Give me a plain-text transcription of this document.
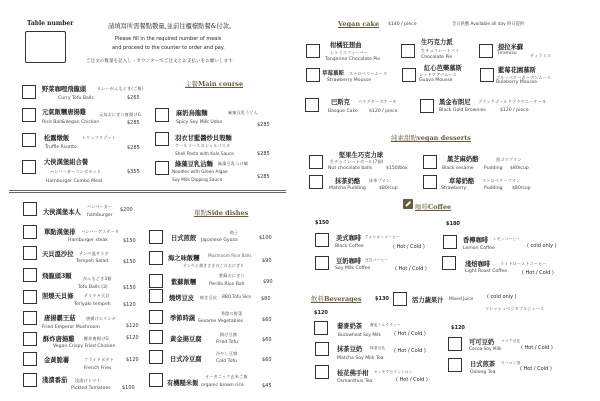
Table number	請填寫所需餐點數量,並前往櫃檯點餐&付款。
Please fill in the required number of meals
and proceed to the counter to order and pay.
ご注文の数量を記入し・カウンターでご注文とお支払いをお願いします
主餐Main course
野菜咖哩飛龍頭	カレーがんもどき(ご飯)
Curry Tofu Balls	$265
元氣飯糰唐揚雞	元気おにぎり唐揚げG
Rice Ball&Vegan Chicken	$285
松露燉飯	トリュフリゾット
Truffle Risotto	$285
大俠漢堡組合餐
ハンバーガーコンボセット
Hamburger Combo Meal
$355
麻奶烏龍麵	麻辣豆乳うどん
Spicy Soy Milk Udon	$285
羽衣甘藍醬炒貝殼麵
ケールソースのシェルパスタ
Shell Pasta with Kale Sauce	$285
綠藻豆乳沾麵 緑藻豆乳つけ麺
Noodles with Green Algae
Soy Milk Dipping Sauce
$285
單點Side dishes
大俠漢堡本人
ハンバーガー
hamburger
$200
單點漢堡排 ハンバーグステーキ
Hamburger steak	$150
天貝溫沙拉 テンペ温サラダ
Tempeh Salad	$150
飛龍頭3顆	がんもどき3個
Tofu Balls (3)	$150
照燒天貝條	テリヤキ天貝
Teriyaki tempeh $120
唐揚霸王菇	唐揚げエリンギ
Fried Emperor Mushroom	$120
酥炸唐揚雞 酥炸唐揚げG
Vegan Crispy Fried Chicken
$120
金黃脆薯	フライドポテト
French Fries
$120
淺漬番茄 浅漬けトマト
Pickled Tomatoes $100
日式煎餃
餃子
Japanese Gyoza	$100
海之味飯糰 Mushroom Rice Balls
テンペと焼きさきのこのおにぎり
$90
紫蘇飯糰
紫蘇おにぎり
Perilla Rice Ball	$90
燒烤豆皮 焼き豆皮 BBQ Tofu Skin $80
季節時蔬
季節の野菜
Sesame Vegetables	$60
黃金揚豆腐
揚げ豆腐
Fried Tofu	$60
日式冷豆腐
冷やし豆腐
Cold Tofu	$60
有機糙米飯
オーガニック玄米ご飯
organic brown rice	$45
Vegan cake $140 / piece	全日供應 Available all day 終日提供
柑橘狂想曲
シトラスフィーバー
Tangerine Chocolate Pie
生巧克力派
生チョコレートパイ
Chocolate Pie
提拉米蘇
Tiramisu	ティラミス
草莓慕斯 ストロベリームース
Strawberry Mousse
紅心芭樂慕斯
レッドグアバムース
Guava Mousse
藍莓花園慕斯
ブルーベリーガーデンムース
Buleberry Mousse
巴斯克 バスクチーズケーキ
Basque Cake $120 / piece
黑金布朗尼 ブラックゴールドブラウニーケーキ
Black Gold Brownies	$120 / piece
純素甜點vegan desserts
堅果生巧克力球
生チョコレートボール(7個)
Nut chocolate balls	$150/box
抹茶奶酪 抹茶プリン
Matcha Pudding	$80/cup
黑芝麻奶酪	黒ゴマプリン
Black sesame Pudding $80/cup
草莓奶酪 ストロベリープリン
Strawberry	Pudding $80/cup
咖啡Coffee
$150	$180
美式咖啡 アメリカンコーヒー
Black Coffee	( Hot / Cold )
豆奶咖啡 豆乳コーヒー
Soy Milk Coffee	( Hot / Cold )
香檸咖啡 レモンコーヒー
Lemon Coffee	( cold only )
淺焙咖啡 ライトローストコーヒー
Light Roast Coffee	( Hot / Cold )
飲料Beverages	$130	活力蔬果汁 Mixed Juice	( cold only )
フレッシュベジタブルジュース
$120
$120
蕎麥奶茶 蕎麦ミルクティー
Buckwheat Soy Milk	( Hot / Cold )
抹茶豆奶 抹茶豆乳 ( Hot / Cold )
Matcha Soy Milk Tea
桂花佛手柑 キンモクセイシトロン
Osmanthus Tea	( Hot / Cold )
可可豆奶 ココア豆乳
Cocoa Soy Milk	( Hot / Cold )
日式煎茶 ウーロン茶
Oolong Tea
( Hot / Cold )
